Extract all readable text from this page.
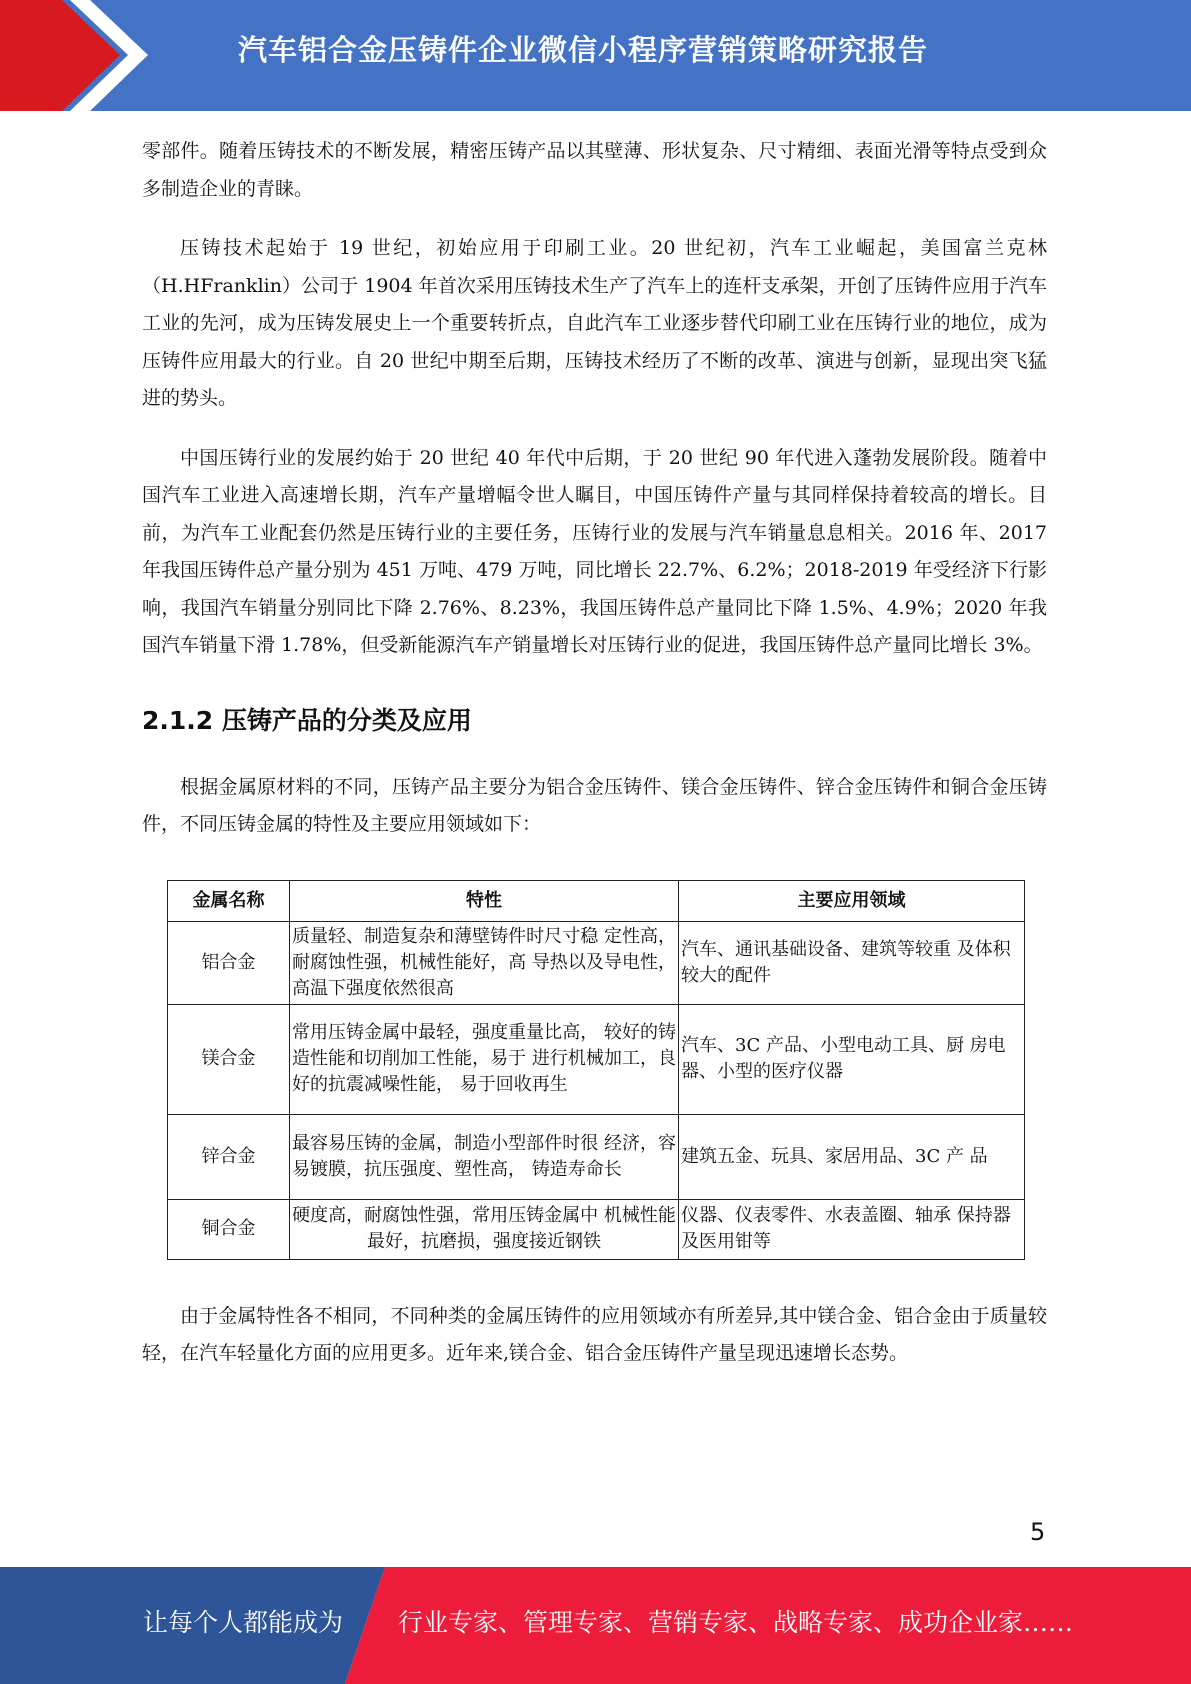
汽车铝合金压铸件企业微信小程序营销策略研究报告

零部件。随着压铸技术的不断发展，精密压铸产品以其壁薄、形状复杂、尺寸精细、表面光滑等特点受到众多制造企业的青睐。

压铸技术起始于 19 世纪，初始应用于印刷工业。20 世纪初，汽车工业崛起，美国富兰克林（H.HFranklin）公司于 1904 年首次采用压铸技术生产了汽车上的连杆支承架，开创了压铸件应用于汽车工业的先河，成为压铸发展史上一个重要转折点，自此汽车工业逐步替代印刷工业在压铸行业的地位，成为压铸件应用最大的行业。自 20 世纪中期至后期，压铸技术经历了不断的改革、演进与创新，显现出突飞猛进的势头。

中国压铸行业的发展约始于 20 世纪 40 年代中后期，于 20 世纪 90 年代进入蓬勃发展阶段。随着中国汽车工业进入高速增长期，汽车产量增幅令世人瞩目，中国压铸件产量与其同样保持着较高的增长。目前，为汽车工业配套仍然是压铸行业的主要任务，压铸行业的发展与汽车销量息息相关。2016 年、2017 年我国压铸件总产量分别为 451 万吨、479 万吨，同比增长 22.7%、6.2%；2018-2019 年受经济下行影响，我国汽车销量分别同比下降 2.76%、8.23%，我国压铸件总产量同比下降 1.5%、4.9%；2020 年我国汽车销量下滑 1.78%，但受新能源汽车产销量增长对压铸行业的促进，我国压铸件总产量同比增长 3%。

2.1.2 压铸产品的分类及应用

根据金属原材料的不同，压铸产品主要分为铝合金压铸件、镁合金压铸件、锌合金压铸件和铜合金压铸件，不同压铸金属的特性及主要应用领域如下：

金属名称	特性	主要应用领域
铝合金	质量轻、制造复杂和薄壁铸件时尺寸稳 定性高，耐腐蚀性强，机械性能好，高 导热以及导电性，高温下强度依然很高	汽车、通讯基础设备、建筑等较重 及体积较大的配件
镁合金	常用压铸金属中最轻，强度重量比高， 较好的铸造性能和切削加工性能，易于 进行机械加工，良好的抗震减噪性能， 易于回收再生	汽车、3C 产品、小型电动工具、厨 房电器、小型的医疗仪器
锌合金	最容易压铸的金属，制造小型部件时很 经济，容易镀膜，抗压强度、塑性高， 铸造寿命长	建筑五金、玩具、家居用品、3C 产 品
铜合金	硬度高，耐腐蚀性强，常用压铸金属中 机械性能最好，抗磨损，强度接近钢铁	仪器、仪表零件、水表盖圈、轴承 保持器及医用钳等

由于金属特性各不相同，不同种类的金属压铸件的应用领域亦有所差异,其中镁合金、铝合金由于质量较轻，在汽车轻量化方面的应用更多。近年来,镁合金、铝合金压铸件产量呈现迅速增长态势。

5
让每个人都能成为 行业专家、管理专家、营销专家、战略专家、成功企业家……
